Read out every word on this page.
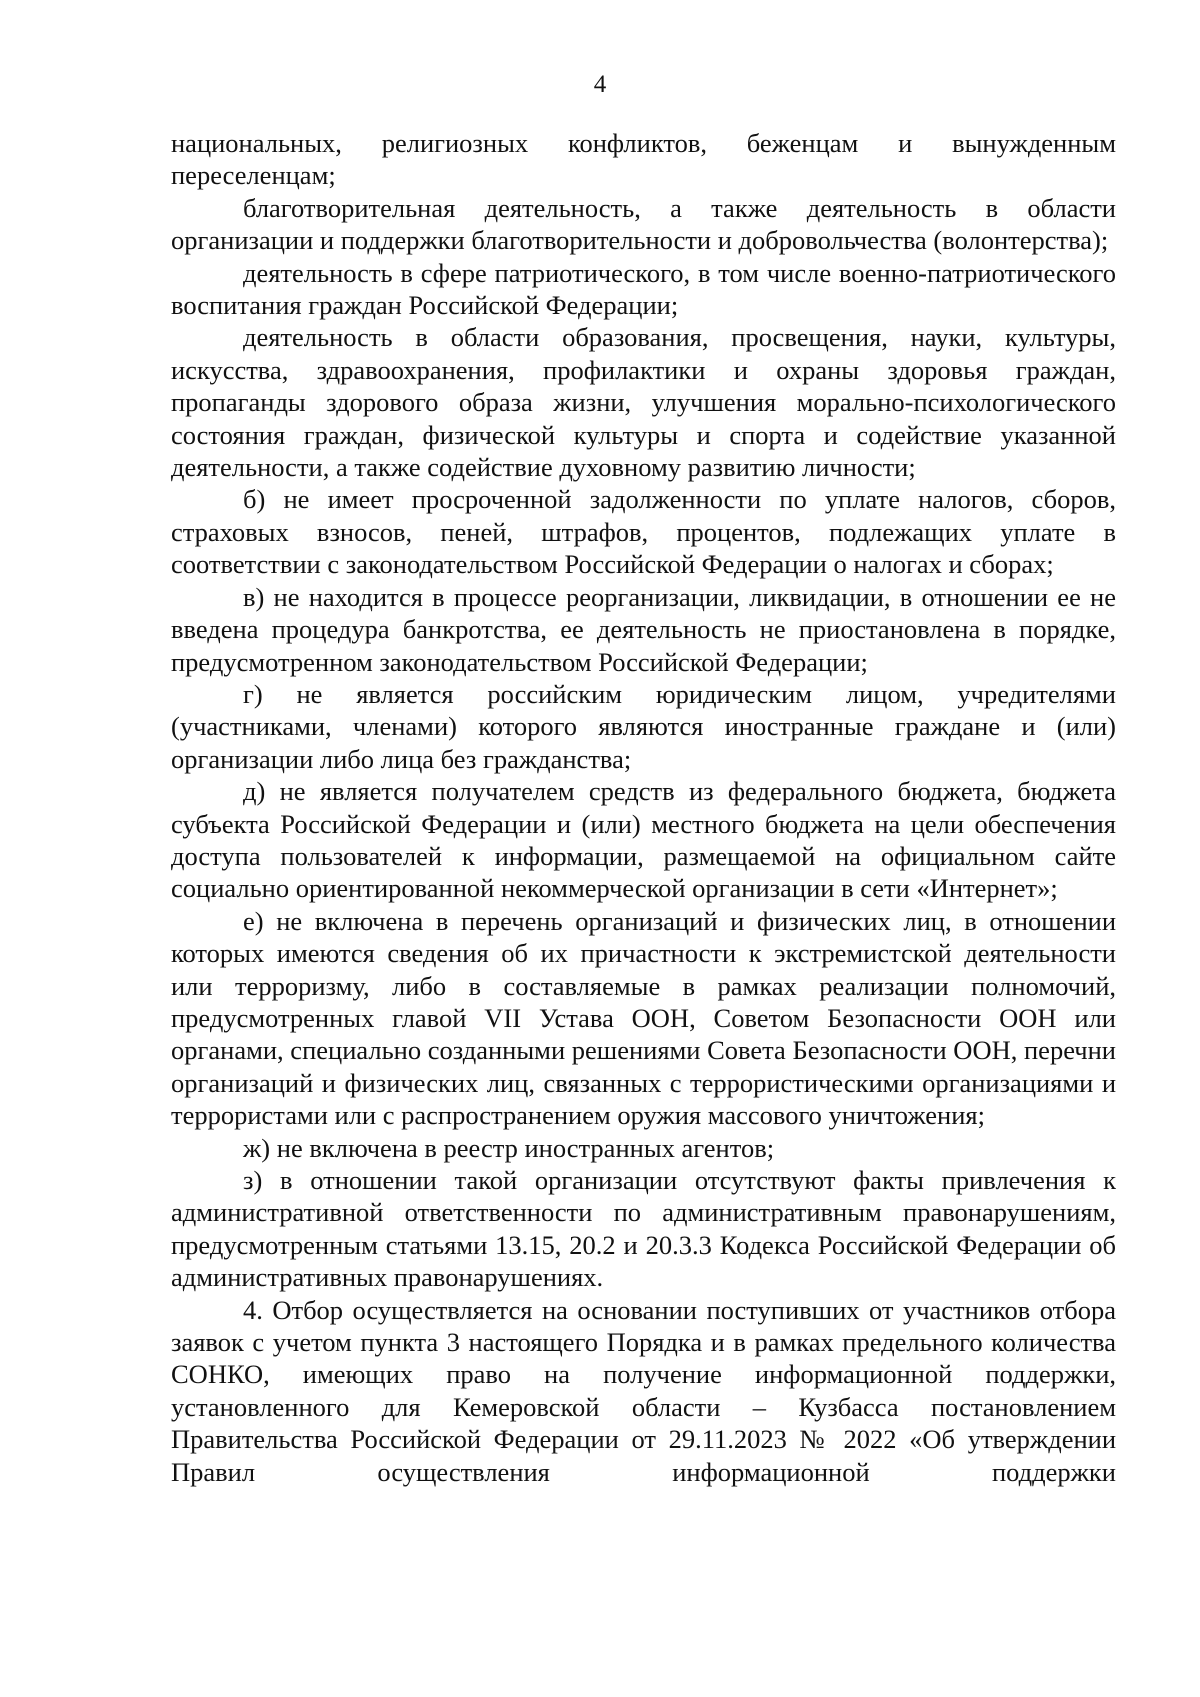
4

национальных, религиозных конфликтов, беженцам и вынужденным переселенцам;

благотворительная деятельность, а также деятельность в области организации и поддержки благотворительности и добровольчества (волонтерства);

деятельность в сфере патриотического, в том числе военно-патриотического воспитания граждан Российской Федерации;

деятельность в области образования, просвещения, науки, культуры, искусства, здравоохранения, профилактики и охраны здоровья граждан, пропаганды здорового образа жизни, улучшения морально-психологического состояния граждан, физической культуры и спорта и содействие указанной деятельности, а также содействие духовному развитию личности;

б) не имеет просроченной задолженности по уплате налогов, сборов, страховых взносов, пеней, штрафов, процентов, подлежащих уплате в соответствии с законодательством Российской Федерации о налогах и сборах;

в) не находится в процессе реорганизации, ликвидации, в отношении ее не введена процедура банкротства, ее деятельность не приостановлена в порядке, предусмотренном законодательством Российской Федерации;

г) не является российским юридическим лицом, учредителями (участниками, членами) которого являются иностранные граждане и (или) организации либо лица без гражданства;

д) не является получателем средств из федерального бюджета, бюджета субъекта Российской Федерации и (или) местного бюджета на цели обеспечения доступа пользователей к информации, размещаемой на официальном сайте социально ориентированной некоммерческой организации в сети «Интернет»;

е) не включена в перечень организаций и физических лиц, в отношении которых имеются сведения об их причастности к экстремистской деятельности или терроризму, либо в составляемые в рамках реализации полномочий, предусмотренных главой VII Устава ООН, Советом Безопасности ООН или органами, специально созданными решениями Совета Безопасности ООН, перечни организаций и физических лиц, связанных с террористическими организациями и террористами или с распространением оружия массового уничтожения;

ж) не включена в реестр иностранных агентов;

з) в отношении такой организации отсутствуют факты привлечения к административной ответственности по административным правонарушениям, предусмотренным статьями 13.15, 20.2 и 20.3.3 Кодекса Российской Федерации об административных правонарушениях.

4. Отбор осуществляется на основании поступивших от участников отбора заявок с учетом пункта 3 настоящего Порядка и в рамках предельного количества СОНКО, имеющих право на получение информационной поддержки, установленного для Кемеровской области – Кузбасса постановлением Правительства Российской Федерации от 29.11.2023 № 2022 «Об утверждении Правил осуществления информационной поддержки
